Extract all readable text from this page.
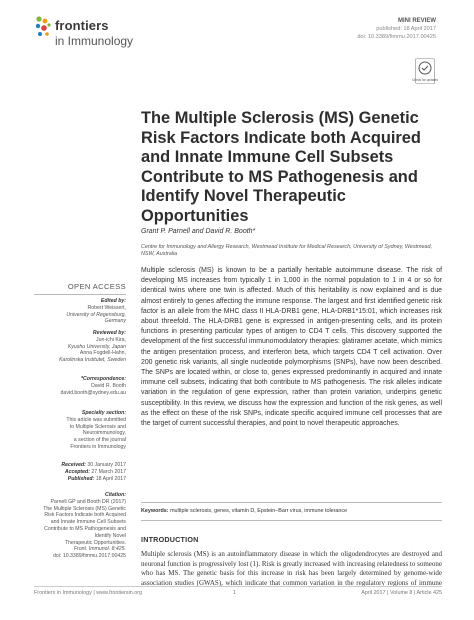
frontiers
in Immunology
MINI REVIEW
published: 18 April 2017
doi: 10.3389/fimmu.2017.00425
Check for updates
The Multiple Sclerosis (MS) Genetic Risk Factors Indicate both Acquired and Innate Immune Cell Subsets Contribute to MS Pathogenesis and Identify Novel Therapeutic Opportunities
Grant P. Parnell and David R. Booth*
Centre for Immunology and Allergy Research, Westmead Institute for Medical Research, University of Sydney, Westmead, NSW, Australia
OPEN ACCESS
Edited by:
Robert Weissert,
University of Regensburg,
Germany
Reviewed by:
Jun-ichi Kira,
Kyushu University, Japan
Anna Fogdell-Hahn,
Karolinska Institutet, Sweden
*Correspondence:
David R. Booth
david.booth@sydney.edu.au
Specialty section:
This article was submitted
to Multiple Sclerosis and
Neuroimmunology,
a section of the journal
Frontiers in Immunology
Received: 30 January 2017
Accepted: 27 March 2017
Published: 18 April 2017
Citation:
Parnell GP and Booth DR (2017)
The Multiple Sclerosis (MS) Genetic
Risk Factors Indicate both Acquired
and Innate Immune Cell Subsets
Contribute to MS Pathogenesis and Identify Novel
Therapeutic Opportunities.
Front. Immunol. 8:425.
doi: 10.3389/fimmu.2017.00425
Multiple sclerosis (MS) is known to be a partially heritable autoimmune disease. The risk of developing MS increases from typically 1 in 1,000 in the normal population to 1 in 4 or so for identical twins where one twin is affected. Much of this heritability is now explained and is due almost entirely to genes affecting the immune response. The largest and first identified genetic risk factor is an allele from the MHC class II HLA-DRB1 gene, HLA-DRB1*15:01, which increases risk about threefold. The HLA-DRB1 gene is expressed in antigen-presenting cells, and its protein functions in presenting particular types of antigen to CD4 T cells. This discovery supported the development of the first successful immunomodulatory therapies: glatiramer acetate, which mimics the antigen presentation process, and interferon beta, which targets CD4 T cell activation. Over 200 genetic risk variants, all single nucleotide polymorphisms (SNPs), have now been described. The SNPs are located within, or close to, genes expressed predominantly in acquired and innate immune cell subsets, indicating that both contribute to MS pathogenesis. The risk alleles indicate variation in the regulation of gene expression, rather than protein variation, underpins genetic susceptibility. In this review, we discuss how the expression and function of the risk genes, as well as the effect on these of the risk SNPs, indicate specific acquired immune cell processes that are the target of current successful therapies, and point to novel therapeutic approaches.
Keywords: multiple sclerosis, genes, vitamin D, Epstein–Barr virus, immune tolerance
INTRODUCTION
Multiple sclerosis (MS) is an autoinflammatory disease in which the oligodendrocytes are destroyed and neuronal function is progressively lost (1). Risk is greatly increased with increasing relatedness to someone who has MS. The genetic basis for this increase in risk has been largely determined by genome-wide association studies (GWAS), which indicate that common variation in the regulatory regions of immune
Frontiers in Immunology | www.frontiersin.org	1	April 2017 | Volume 8 | Article 425
